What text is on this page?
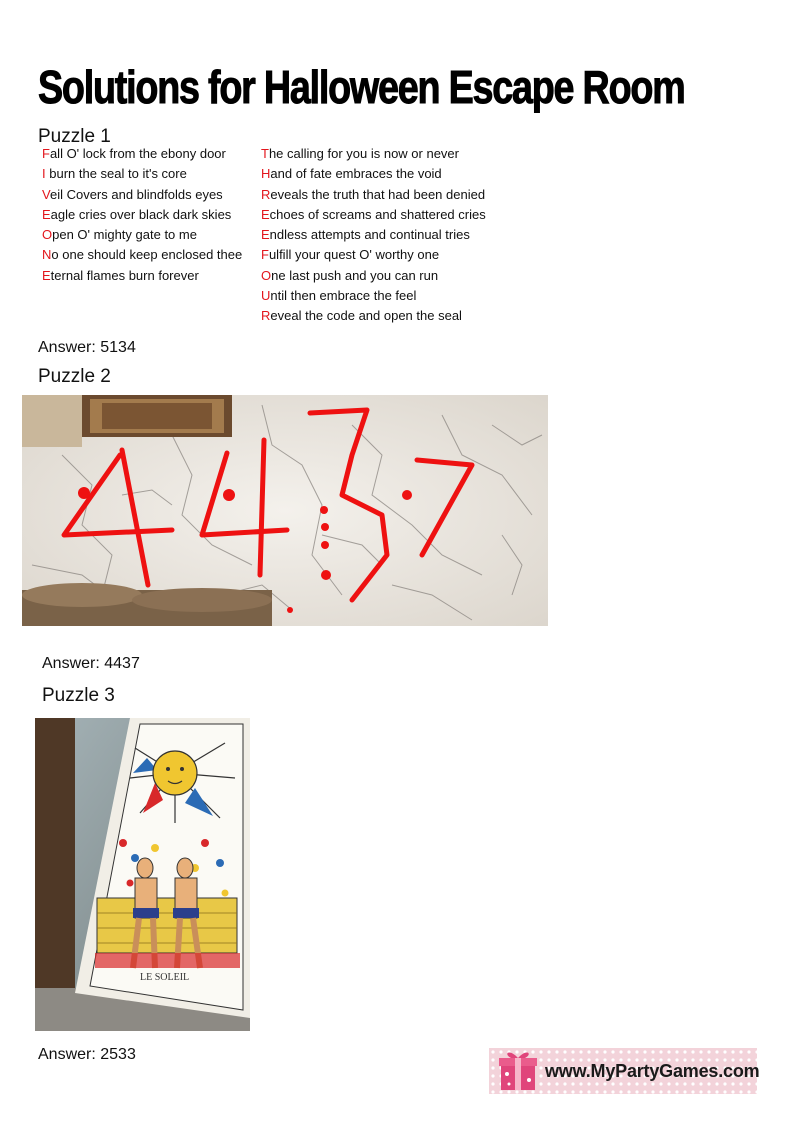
Solutions for Halloween Escape Room
Puzzle 1
Fall O' lock from the ebony door
I burn the seal to it's core
Veil Covers and blindfolds eyes
Eagle cries over black dark skies
Open O' mighty gate to me
No one should keep enclosed thee
Eternal flames burn forever
The calling for you is now or never
Hand of fate embraces the void
Reveals the truth that had been denied
Echoes of screams and shattered cries
Endless attempts and continual tries
Fulfill your quest O' worthy one
One last push and you can run
Until then embrace the feel
Reveal the code and open the seal
Answer: 5134
Puzzle 2
Answer: 4437
Puzzle 3
LE SOLEIL
Answer: 2533
www.MyPartyGames.com
